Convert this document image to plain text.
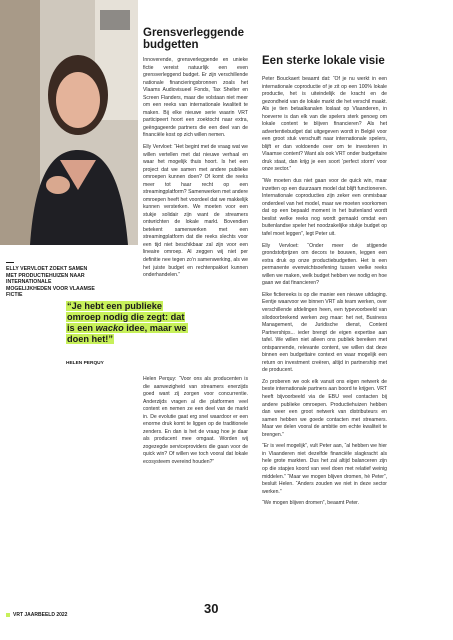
ELLY VERVLOET ZOEKT SAMEN MET PRODUCTIEHUIZEN NAAR INTERNATIONALE MOGELIJKHEDEN VOOR VLAAMSE FICTIE
“Je hebt een publieke omroep nodig die zegt: dat is een wacko idee, maar we doen het!”
HELEN PERQUY
Grensverleggende budgetten

Innoverende, grensverleggende en unieke fictie vereist natuurlijk een even grensverleggend budget. Er zijn verschillende nationale financieringsbronnen zoals het Vlaams Audiovisueel Fonds, Tax Shelter en Screen Flanders, maar die volstaan niet meer om een reeks van internationale kwaliteit te maken. Bij elke nieuwe serie waarin VRT participeert hoort een zoektocht naar extra, geëngageerde partners die een deel van de financiële kost op zich willen nemen.

Elly Vervloet: “Het begint met de vraag wat we willen vertellen met dat nieuwe verhaal en waar het mogelijk thuis hoort. Is het een project dat we samen met andere publieke omroepen kunnen doen? Of komt die reeks meer tot haar recht op een streamingplatform? Samenwerken met andere omroepen heeft het voordeel dat we makkelijk kunnen versterken. We moeten voor een stukje solidair zijn want de streamers ontwrichten de lokale markt. Bovendien betekent samenwerken met een streamingplatform dat die reeks slechts voor een tijd niet beschikbaar zal zijn voor een lineaire omroep. Al zeggen wij niet per definitie nee tegen zo’n samenwerking, als we het juiste budget en rechtenpakket kunnen onderhandelen.”

Helen Perquy: “Voor ons als producenten is die aanwezigheid van streamers enerzijds goed want zij zorgen voor concurrentie. Anderzijds vragen al die platformen veel content en nemen ze een deel van de markt in. De evolutie gaat erg snel waardoor er een enorme druk komt te liggen op de traditionele zenders. En dan is het de vraag hoe je daar als producent mee omgaat. Worden wij zogezegde serviceproviders die gaan voor de quick win? Of willen we toch vooral dat lokale ecosysteem overeind houden?”

Een sterke lokale visie

Peter Bouckaert beaamt dat: “Of je nu werkt in een internationale coproductie of je zit op een 100% lokale productie, het is uiteindelijk de kracht en de gezondheid van de lokale markt die het verschil maakt. Als je tien betaalkanalen loslaat op Vlaanderen, in hoeverre is dan elk van die spelers sterk genoeg om lokale content te blijven financieren? Als het advertentiebudget dat uitgegeven wordt in België voor een groot stuk verschuift naar internationale spelers, blijft er dan voldoende over om te investeren in Vlaamse content? Want als ook VRT onder budgettaire druk staat, dan krijg je een soort ‘perfect storm’ voor onze sector.”

“We moeten dus niet gaan voor de quick win, maar inzetten op een duurzaam model dat blijft functioneren. Internationale coproducties zijn zeker een onmisbaar onderdeel van het model, maar we moeten voorkomen dat op een bepaald moment in het buitenland wordt beslist welke reeks nog wordt gemaakt omdat een buitenlandse speler het noodzakelijke stukje budget op tafel moet leggen”, legt Peter uit.

Elly Vervloet: “Onder meer de stijgende grondstofprijzen om decors te bouwen, leggen een extra druk op onze productiebudgetten. Het is een permanente evenwichtsoefening tussen welke reeks willen we maken, welk budget hebben we nodig en hoe gaan we dat financieren?

Elke fictiereeks is op die manier een nieuwe uitdaging. Eentje waarvoor we binnen VRT als team werken, over verschillende afdelingen heen, een typevoorbeeld van silodoorbrekend werken zeg maar: het net, Business Management, de Juridische dienst, Content Partnerships... ieder brengt de eigen expertise aan tafel. We willen niet alleen ons publiek bereiken met ontspannende, relevante content, we willen dat deze binnen een budgettaire context en waar mogelijk een return on investment creëren, altijd in partnership met de producent.

Zo proberen we ook elk vanuit ons eigen netwerk de beste internationale partners aan boord te krijgen. VRT heeft bijvoorbeeld via de EBU veel contacten bij andere publieke omroepen. Productiehuizen hebben dan weer een groot netwerk van distributeurs en samen hebben we goede contacten met streamers. Maar we delen vooral de ambitie om echte kwaliteit te brengen.”

“Er is veel mogelijk”, vult Peter aan, “al hebben we hier in Vlaanderen niet dezelfde financiële slagkracht als hele grote markten. Dus het zal altijd balanceren zijn op die stapjes koord van veel doen met relatief weinig middelen.” “Maar we mogen blijven dromen, hè Peter”, besluit Helen. “Anders zouden we niet in deze sector werken.”

“We mogen blijven dromen”, beaamt Peter.

VRT JAARBEELD 2022	30
